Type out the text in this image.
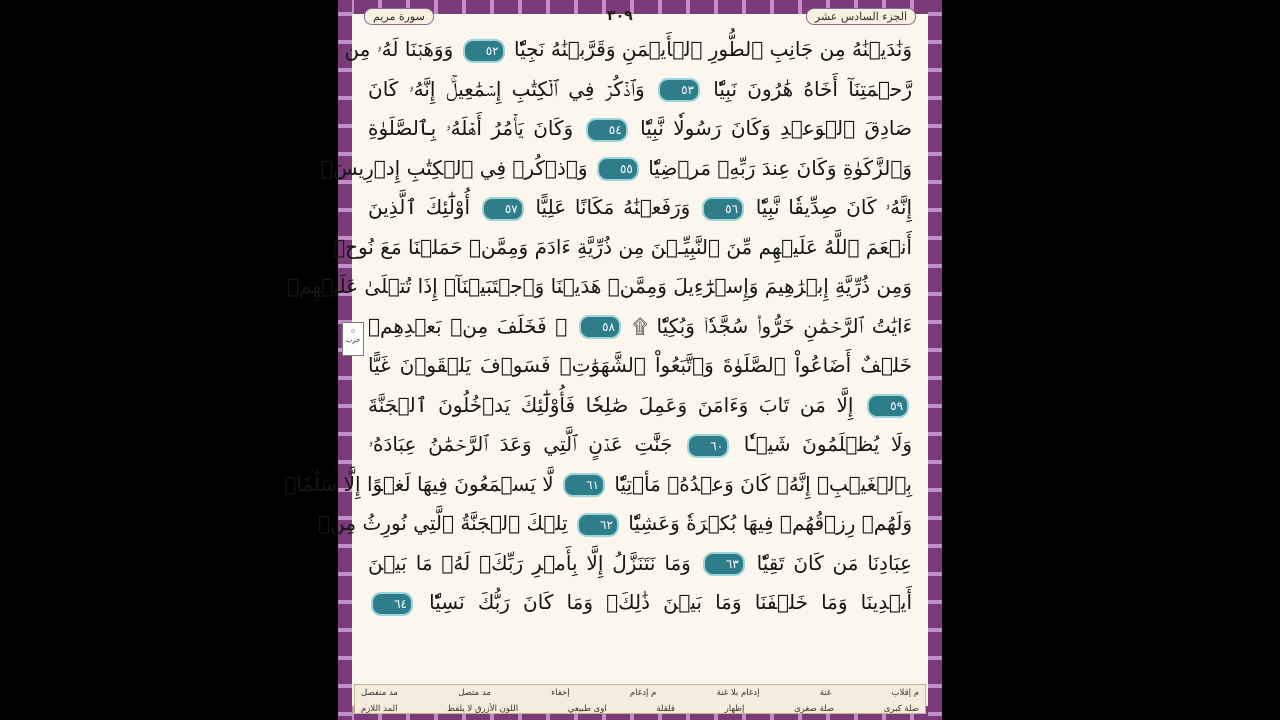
الجزء السادس عشر
٣٠٩
سورة مريم
۞
حزب
وَنَٰدَيۡنَٰهُ مِن جَانِبِ ٱلطُّورِ ٱلۡأَيۡمَنِ وَقَرَّبۡنَٰهُ نَجِيّٗا ٥٢ وَوَهَبۡنَا لَهُۥ مِن
رَّحۡمَتِنَآ أَخَاهُ هَٰرُونَ نَبِيّٗا ٥٣ وَٱذۡكُرۡ فِي ٱلۡكِتَٰبِ إِسۡمَٰعِيلَۚ إِنَّهُۥ كَانَ
صَادِقَ ٱلۡوَعۡدِ وَكَانَ رَسُولٗا نَّبِيّٗا ٥٤ وَكَانَ يَأۡمُرُ أَهۡلَهُۥ بِٱلصَّلَوٰةِ
وَٱلزَّكَوٰةِ وَكَانَ عِندَ رَبِّهِۦ مَرۡضِيّٗا ٥٥ وَٱذۡكُرۡ فِي ٱلۡكِتَٰبِ إِدۡرِيسَۚ
إِنَّهُۥ كَانَ صِدِّيقٗا نَّبِيّٗا ٥٦ وَرَفَعۡنَٰهُ مَكَانًا عَلِيًّا ٥٧ أُوْلَٰٓئِكَ ٱلَّذِينَ
أَنۡعَمَ ٱللَّهُ عَلَيۡهِم مِّنَ ٱلنَّبِيِّـۧنَ مِن ذُرِّيَّةِ ءَادَمَ وَمِمَّنۡ حَمَلۡنَا مَعَ نُوحٖ
وَمِن ذُرِّيَّةِ إِبۡرَٰهِيمَ وَإِسۡرَٰٓءِيلَ وَمِمَّنۡ هَدَيۡنَا وَٱجۡتَبَيۡنَآۚ إِذَا تُتۡلَىٰ عَلَيۡهِمۡ
ءَايَٰتُ ٱلرَّحۡمَٰنِ خَرُّواْۤ سُجَّدٗاۤ وَبُكِيّٗا ۩ ٥٨ ۞ فَخَلَفَ مِنۢ بَعۡدِهِمۡ
خَلۡفٌ أَضَاعُواْ ٱلصَّلَوٰةَ وَٱتَّبَعُواْ ٱلشَّهَوَٰتِۖ فَسَوۡفَ يَلۡقَوۡنَ غَيًّا
٥٩ إِلَّا مَن تَابَ وَءَامَنَ وَعَمِلَ صَٰلِحٗا فَأُوْلَٰٓئِكَ يَدۡخُلُونَ ٱلۡجَنَّةَ
وَلَا يُظۡلَمُونَ شَيۡـٔٗا ٦٠ جَنَّٰتِ عَدۡنٍ ٱلَّتِي وَعَدَ ٱلرَّحۡمَٰنُ عِبَادَهُۥ
بِٱلۡغَيۡبِۚ إِنَّهُۥ كَانَ وَعۡدُهُۥ مَأۡتِيّٗا ٦١ لَّا يَسۡمَعُونَ فِيهَا لَغۡوًا إِلَّا سَلَٰمٗاۖ
وَلَهُمۡ رِزۡقُهُمۡ فِيهَا بُكۡرَةٗ وَعَشِيّٗا ٦٢ تِلۡكَ ٱلۡجَنَّةُ ٱلَّتِي نُورِثُ مِنۡ
عِبَادِنَا مَن كَانَ تَقِيّٗا ٦٣ وَمَا نَتَنَزَّلُ إِلَّا بِأَمۡرِ رَبِّكَۖ لَهُۥ مَا بَيۡنَ
أَيۡدِينَا وَمَا خَلۡفَنَا وَمَا بَيۡنَ ذَٰلِكَۚ وَمَا كَانَ رَبُّكَ نَسِيّٗا ٦٤
م إقلاب
غنة
إدغام بلا غنة
م إدغام
إخفاء
مد متصل
مد منفصل
صلة كبرى
صلة صغرى
إظهار
قلقلة
اوى طبيعي
اللون الأزرق لا يلفظ
المد اللازم
